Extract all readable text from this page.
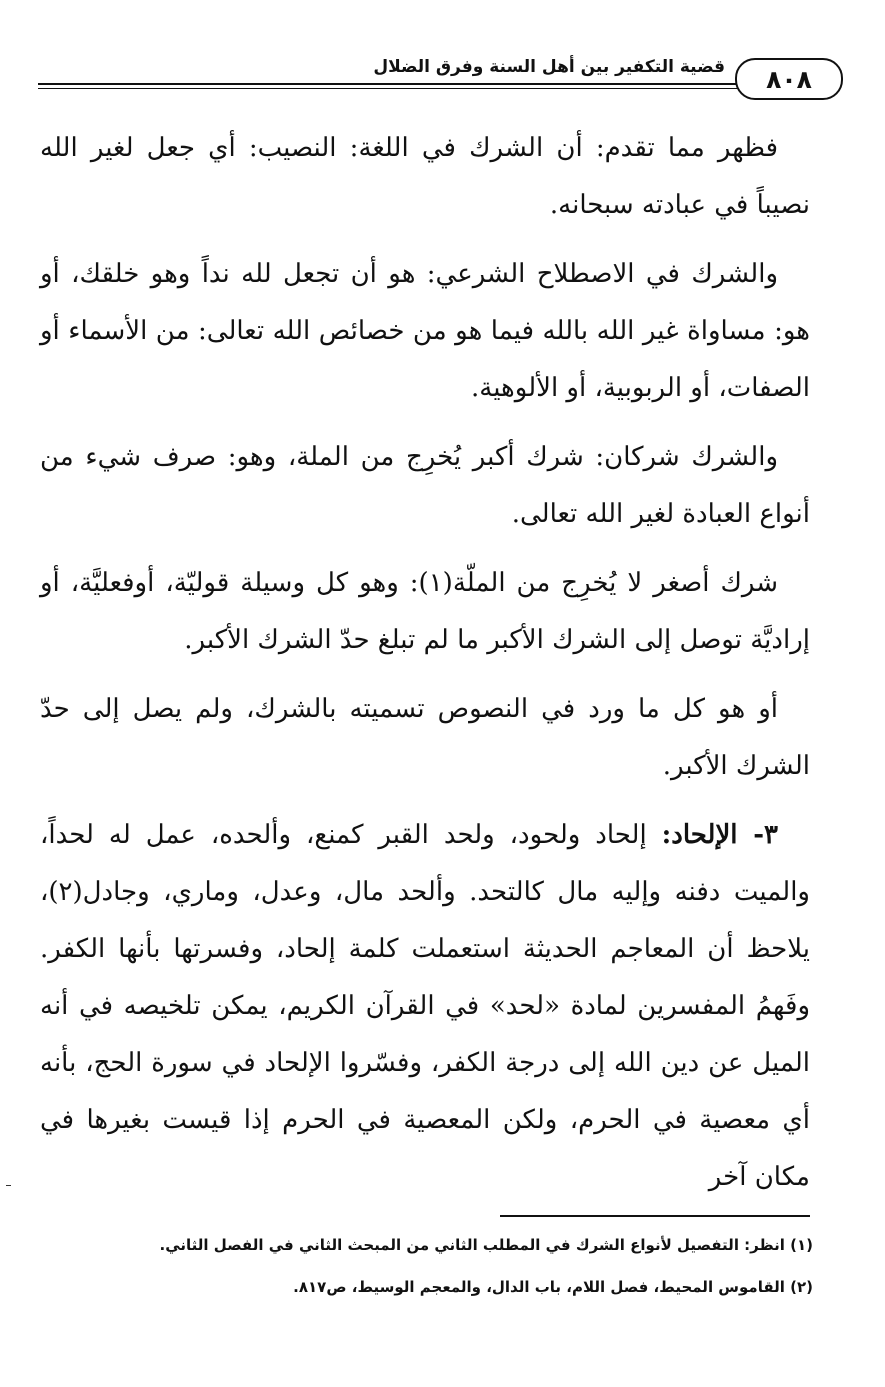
٨٠٨
قضية التكفير بين أهل السنة وفرق الضلال

فظهر مما تقدم: أن الشرك في اللغة: النصيب: أي جعل لغير الله نصيباً في عبادته سبحانه.

والشرك في الاصطلاح الشرعي: هو أن تجعل لله نداً وهو خلقك، أو هو: مساواة غير الله بالله فيما هو من خصائص الله تعالى: من الأسماء أو الصفات، أو الربوبية، أو الألوهية.

والشرك شركان: شرك أكبر يُخرِج من الملة، وهو: صرف شيء من أنواع العبادة لغير الله تعالى.

شرك أصغر لا يُخرِج من الملّة(١): وهو كل وسيلة قوليّة، أوفعليَّة، أو إراديَّة توصل إلى الشرك الأكبر ما لم تبلغ حدّ الشرك الأكبر.

أو هو كل ما ورد في النصوص تسميته بالشرك، ولم يصل إلى حدّ الشرك الأكبر.

٣- الإلحاد: إلحاد ولحود، ولحد القبر كمنع، وألحده، عمل له لحداً، والميت دفنه وإليه مال كالتحد. وألحد مال، وعدل، وماري، وجادل(٢)، يلاحظ أن المعاجم الحديثة استعملت كلمة إلحاد، وفسرتها بأنها الكفر. وفَهمُ المفسرين لمادة «لحد» في القرآن الكريم، يمكن تلخيصه في أنه الميل عن دين الله إلى درجة الكفر، وفسّروا الإلحاد في سورة الحج، بأنه أي معصية في الحرم، ولكن المعصية في الحرم إذا قيست بغيرها في مكان آخر

(١) انظر: التفصيل لأنواع الشرك في المطلب الثاني من المبحث الثاني في الفصل الثاني.
(٢) القاموس المحيط، فصل اللام، باب الدال، والمعجم الوسيط، ص٨١٧.
